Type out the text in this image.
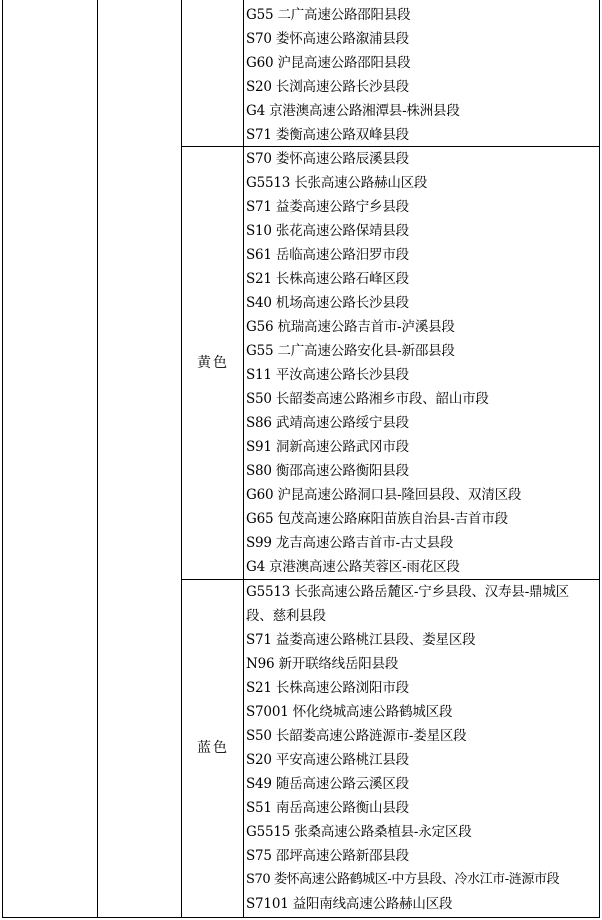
G55 二广高速公路邵阳县段
S70 娄怀高速公路溆浦县段
G60 沪昆高速公路邵阳县段
S20 长浏高速公路长沙县段
G4 京港澳高速公路湘潭县-株洲县段
S71 娄衡高速公路双峰县段
黄色
S70 娄怀高速公路辰溪县段
G5513 长张高速公路赫山区段
S71 益娄高速公路宁乡县段
S10 张花高速公路保靖县段
S61 岳临高速公路汨罗市段
S21 长株高速公路石峰区段
S40 机场高速公路长沙县段
G56 杭瑞高速公路吉首市-泸溪县段
G55 二广高速公路安化县-新邵县段
S11 平汝高速公路长沙县段
S50 长韶娄高速公路湘乡市段、韶山市段
S86 武靖高速公路绥宁县段
S91 洞新高速公路武冈市段
S80 衡邵高速公路衡阳县段
G60 沪昆高速公路洞口县-隆回县段、双清区段
G65 包茂高速公路麻阳苗族自治县-吉首市段
S99 龙吉高速公路吉首市-古丈县段
G4 京港澳高速公路芙蓉区-雨花区段
蓝色
G5513 长张高速公路岳麓区-宁乡县段、汉寿县-鼎城区
段、慈利县段
S71 益娄高速公路桃江县段、娄星区段
N96 新开联络线岳阳县段
S21 长株高速公路浏阳市段
S7001 怀化绕城高速公路鹤城区段
S50 长韶娄高速公路涟源市-娄星区段
S20 平安高速公路桃江县段
S49 随岳高速公路云溪区段
S51 南岳高速公路衡山县段
G5515 张桑高速公路桑植县-永定区段
S75 邵坪高速公路新邵县段
S70 娄怀高速公路鹤城区-中方县段、冷水江市-涟源市段
S7101 益阳南线高速公路赫山区段
